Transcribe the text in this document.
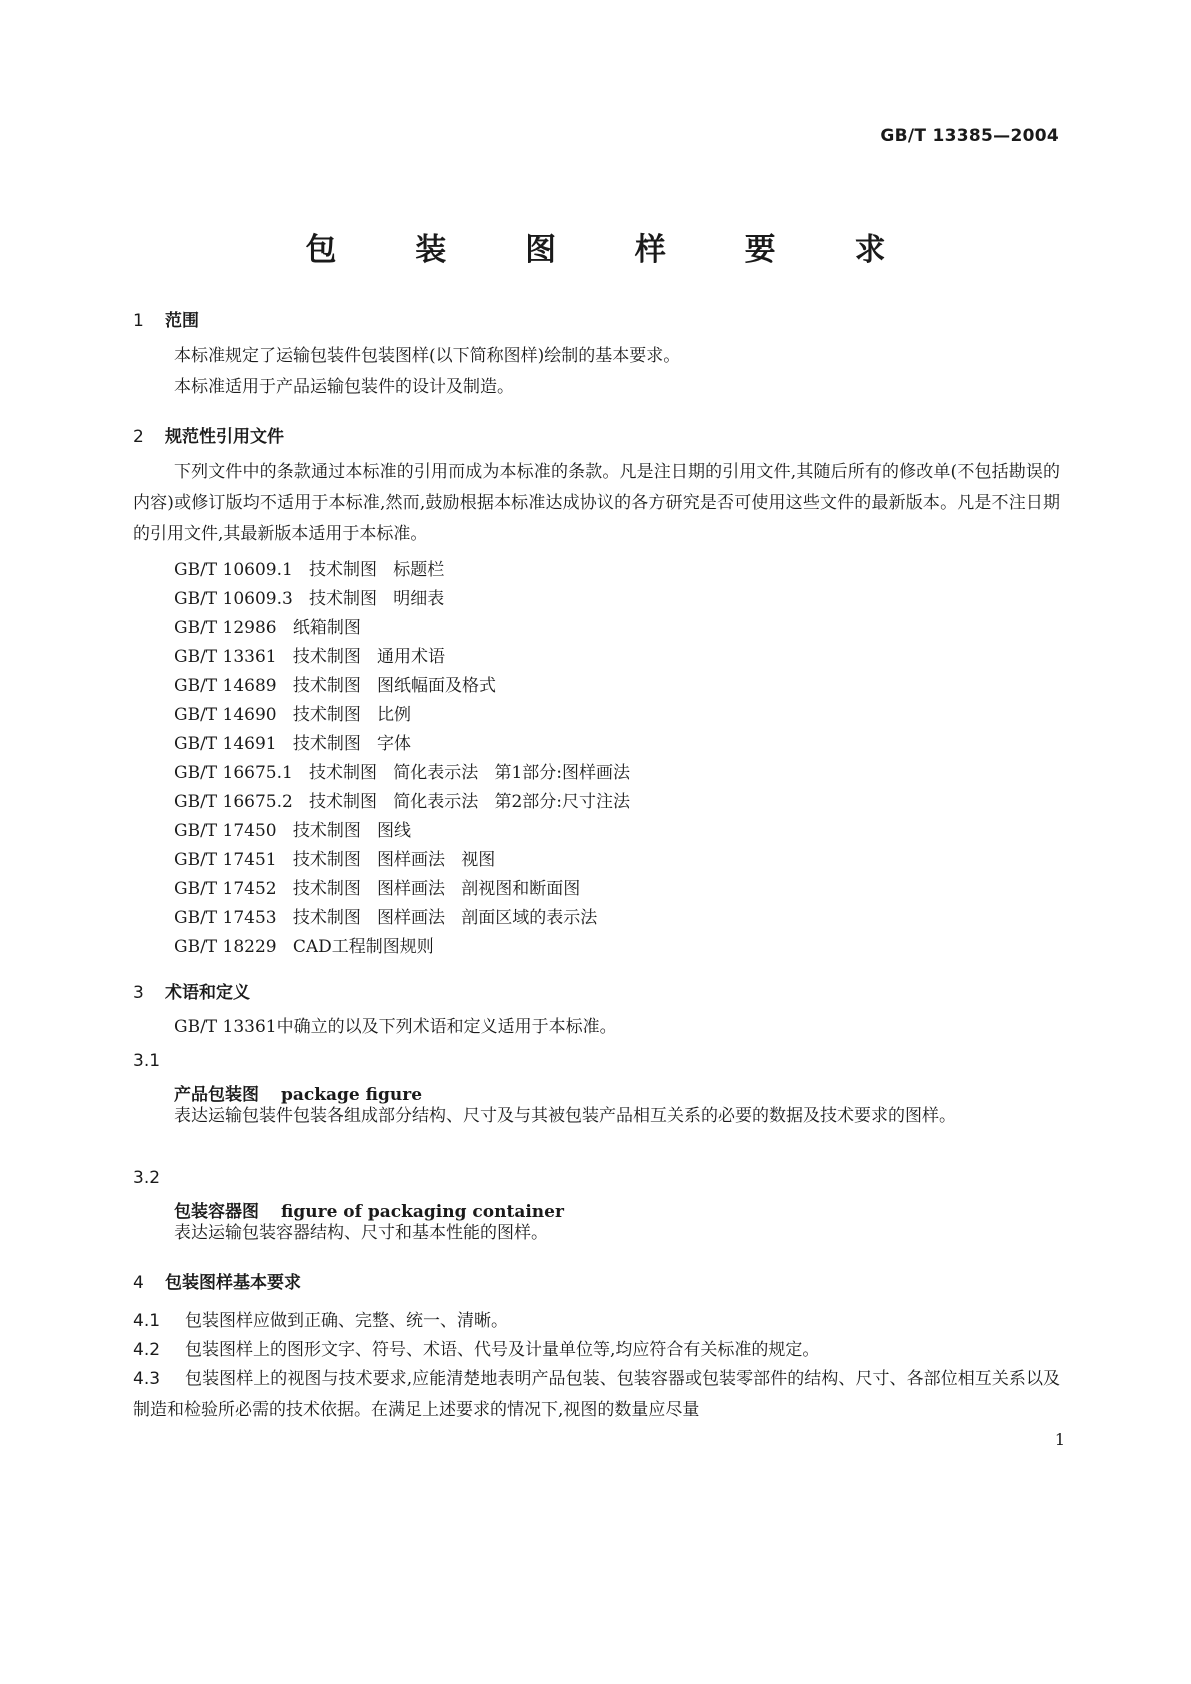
GB/T 13385—2004
包 装 图 样 要 求
1 范围
本标准规定了运输包装件包装图样(以下简称图样)绘制的基本要求。
本标准适用于产品运输包装件的设计及制造。
2 规范性引用文件
下列文件中的条款通过本标准的引用而成为本标准的条款。凡是注日期的引用文件,其随后所有的修改单(不包括勘误的内容)或修订版均不适用于本标准,然而,鼓励根据本标准达成协议的各方研究是否可使用这些文件的最新版本。凡是不注日期的引用文件,其最新版本适用于本标准。
GB/T 10609.1   技术制图   标题栏
GB/T 10609.3   技术制图   明细表
GB/T 12986   纸箱制图
GB/T 13361   技术制图   通用术语
GB/T 14689   技术制图   图纸幅面及格式
GB/T 14690   技术制图   比例
GB/T 14691   技术制图   字体
GB/T 16675.1   技术制图   简化表示法   第1部分:图样画法
GB/T 16675.2   技术制图   简化表示法   第2部分:尺寸注法
GB/T 17450   技术制图   图线
GB/T 17451   技术制图   图样画法   视图
GB/T 17452   技术制图   图样画法   剖视图和断面图
GB/T 17453   技术制图   图样画法   剖面区域的表示法
GB/T 18229   CAD工程制图规则
3 术语和定义
GB/T 13361中确立的以及下列术语和定义适用于本标准。
3.1
产品包装图 package figure
表达运输包装件包装各组成部分结构、尺寸及与其被包装产品相互关系的必要的数据及技术要求的图样。
3.2
包装容器图 figure of packaging container
表达运输包装容器结构、尺寸和基本性能的图样。
4 包装图样基本要求
4.1 包装图样应做到正确、完整、统一、清晰。
4.2 包装图样上的图形文字、符号、术语、代号及计量单位等,均应符合有关标准的规定。
4.3 包装图样上的视图与技术要求,应能清楚地表明产品包装、包装容器或包装零部件的结构、尺寸、各部位相互关系以及制造和检验所必需的技术依据。在满足上述要求的情况下,视图的数量应尽量
1
